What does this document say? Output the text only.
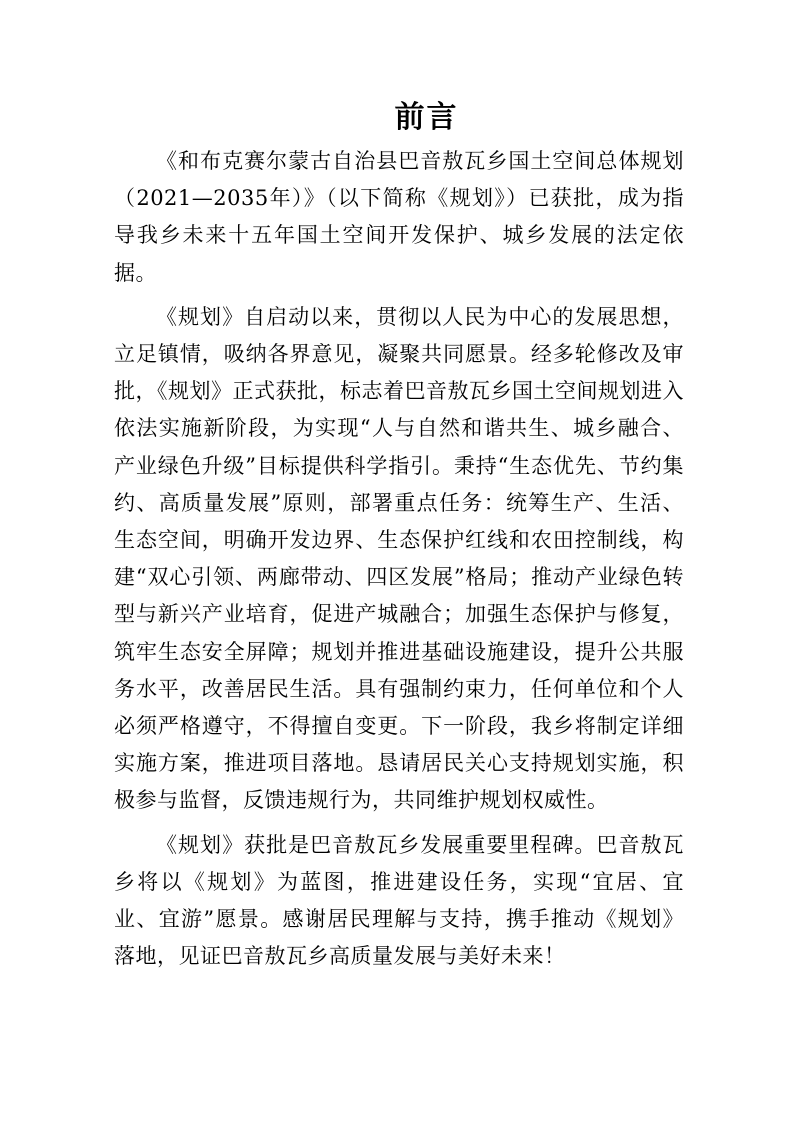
前言

《和布克赛尔蒙古自治县巴音敖瓦乡国土空间总体规划（2021—2035年）》（以下简称《规划》）已获批，成为指导我乡未来十五年国土空间开发保护、城乡发展的法定依据。

《规划》自启动以来，贯彻以人民为中心的发展思想，立足镇情，吸纳各界意见，凝聚共同愿景。经多轮修改及审批，《规划》正式获批，标志着巴音敖瓦乡国土空间规划进入依法实施新阶段，为实现“人与自然和谐共生、城乡融合、产业绿色升级”目标提供科学指引。秉持“生态优先、节约集约、高质量发展”原则，部署重点任务：统筹生产、生活、生态空间，明确开发边界、生态保护红线和农田控制线，构建“双心引领、两廊带动、四区发展”格局；推动产业绿色转型与新兴产业培育，促进产城融合；加强生态保护与修复，筑牢生态安全屏障；规划并推进基础设施建设，提升公共服务水平，改善居民生活。具有强制约束力，任何单位和个人必须严格遵守，不得擅自变更。下一阶段，我乡将制定详细实施方案，推进项目落地。恳请居民关心支持规划实施，积极参与监督，反馈违规行为，共同维护规划权威性。

《规划》获批是巴音敖瓦乡发展重要里程碑。巴音敖瓦乡将以《规划》为蓝图，推进建设任务，实现“宜居、宜业、宜游”愿景。感谢居民理解与支持，携手推动《规划》落地，见证巴音敖瓦乡高质量发展与美好未来！
